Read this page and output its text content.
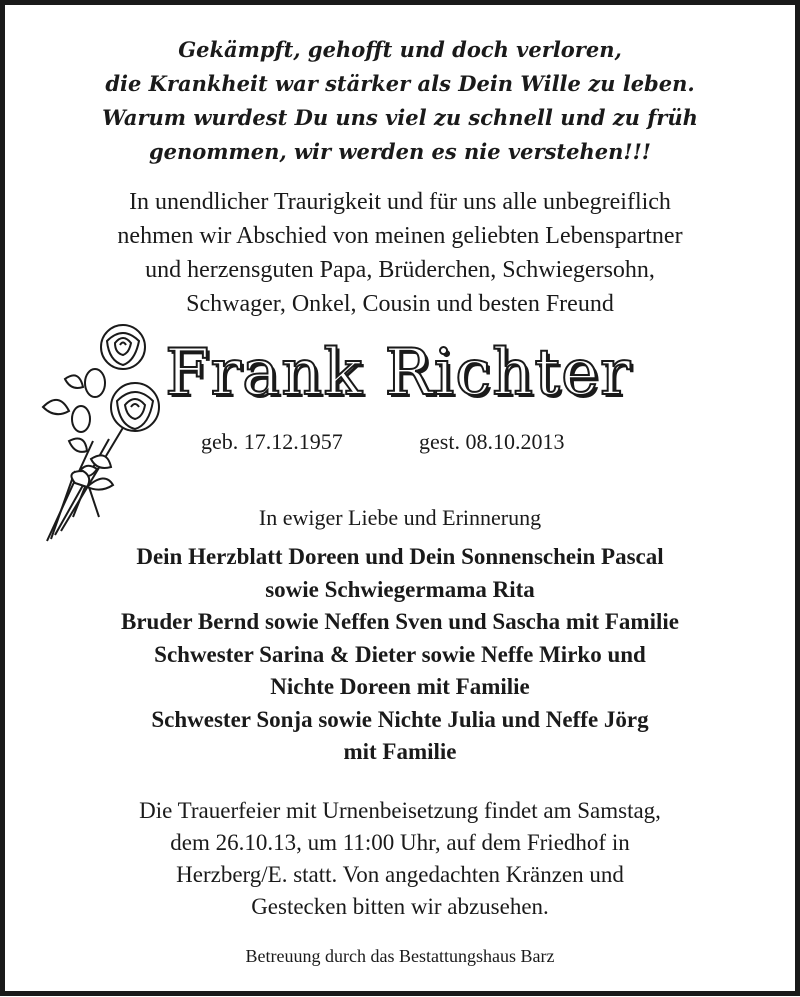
Gekämpft, gehofft und doch verloren,
die Krankheit war stärker als Dein Wille zu leben.
Warum wurdest Du uns viel zu schnell und zu früh
genommen, wir werden es nie verstehen!!!
In unendlicher Traurigkeit und für uns alle unbegreiflich
nehmen wir Abschied von meinen geliebten Lebenspartner
und herzensguten Papa, Brüderchen, Schwiegersohn,
Schwager, Onkel, Cousin und besten Freund
Frank Richter
geb. 17.12.1957	gest. 08.10.2013
In ewiger Liebe und Erinnerung
Dein Herzblatt Doreen und Dein Sonnenschein Pascal
sowie Schwiegermama Rita
Bruder Bernd sowie Neffen Sven und Sascha mit Familie
Schwester Sarina & Dieter sowie Neffe Mirko und
Nichte Doreen mit Familie
Schwester Sonja sowie Nichte Julia und Neffe Jörg
mit Familie
Die Trauerfeier mit Urnenbeisetzung findet am Samstag,
dem 26.10.13, um 11:00 Uhr, auf dem Friedhof in
Herzberg/E. statt. Von angedachten Kränzen und
Gestecken bitten wir abzusehen.
Betreuung durch das Bestattungshaus Barz
